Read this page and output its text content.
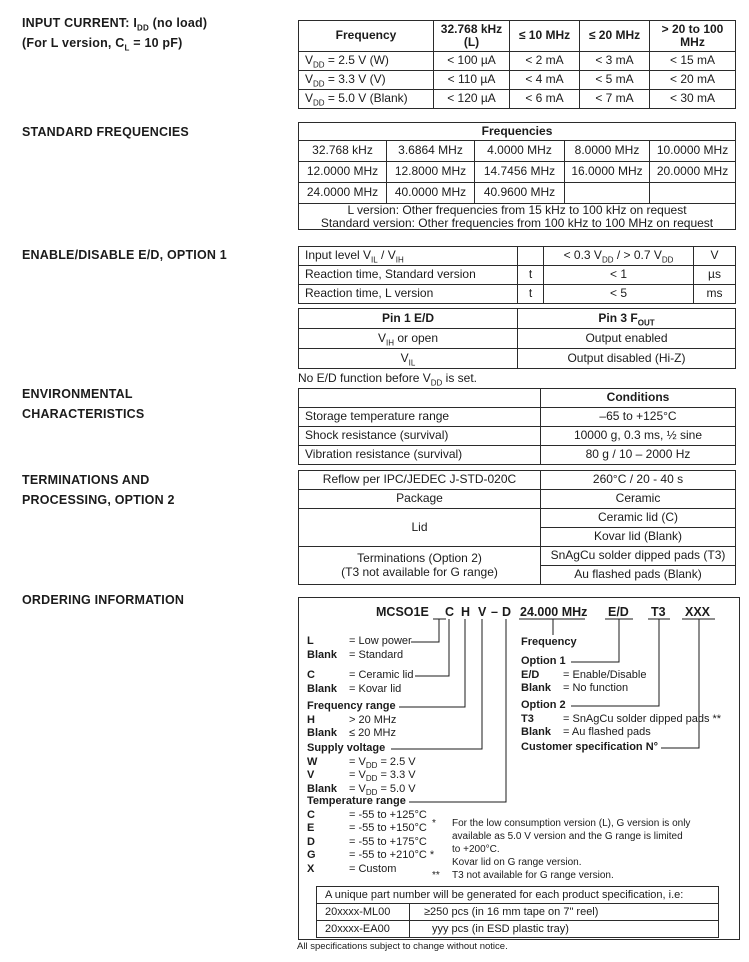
INPUT CURRENT: $I_{DD}$ (no load)
(For L version, $C_L = 10$ pF)
STANDARD FREQUENCIES
ENABLE/DISABLE E/D, OPTION 1
ENVIRONMENTAL
CHARACTERISTICS
TERMINATIONS AND
PROCESSING, OPTION 2
ORDERING INFORMATION
Frequency	32.768 kHz (L)	≤ 10 MHz	≤ 20 MHz	> 20 to 100 MHz
$V_{DD} = 2.5$ V (W)	< 100 µA	< 2 mA	< 3 mA	< 15 mA
$V_{DD} = 3.3$ V (V)	< 110 µA	< 4 mA	< 5 mA	< 20 mA
$V_{DD} = 5.0$ V (Blank)	< 120 µA	< 6 mA	< 7 mA	< 30 mA
Frequencies				
32.768 kHz	3.6864 MHz	4.0000 MHz	8.0000 MHz	10.0000 MHz
12.0000 MHz	12.8000 MHz	14.7456 MHz	16.0000 MHz	20.0000 MHz
24.0000 MHz	40.0000 MHz	40.9600 MHz		

L version: Other frequencies from 15 kHz to 100 kHz on request
Standard version: Other frequencies from 100 kHz to 100 MHz on request				
Input level $V_{IL} / V_{IH}$		< 0.3 $V_{DD}$ / > 0.7 $V_{DD}$	V
Reaction time, Standard version	t	< 1	µs
Reaction time, L version	t	< 5	ms
Pin 1 E/D	Pin 3 $F_{OUT}$
$V_{IH}$ or open	Output enabled
$V_{IL}$	Output disabled (Hi-Z)
No E/D function before $V_{DD}$ is set.
	Conditions
Storage temperature range	–65 to +125°C
Shock resistance (survival)	10000 g, 0.3 ms, ½ sine
Vibration resistance (survival)	80 g / 10 – 2000 Hz
Reflow per IPC/JEDEC J-STD-020C	260°C / 20 - 40 s
Package	Ceramic
Lid	Ceramic lid (C)
	Kovar lid (Blank)

Terminations (Option 2)
(T3 not available for G range)	SnAgCu solder dipped pads (T3)
	Au flashed pads (Blank)
MCSO1E C H V – D 24.000 MHz E/D T3 XXX
L	= Low power
Blank	= Standard
C	= Ceramic lid
Blank	= Kovar lid
Frequency range
H	> 20 MHz
Blank	≤ 20 MHz
Supply voltage
W	= $V_{DD} = 2.5$ V
V	= $V_{DD} = 3.3$ V
Blank	= $V_{DD} = 5.0$ V
Temperature range
C	= -55 to +125°C
E	= -55 to +150°C
D	= -55 to +175°C
G	= -55 to +210°C *
X	= Custom
Frequency
Option 1
E/D	= Enable/Disable
Blank	= No function
Option 2
T3	= SnAgCu solder dipped pads **
Blank	= Au flashed pads
Customer specification N°
*	For the low consumption version (L), G version is only
available as 5.0 V version and the G range is limited
to +200°C.
Kovar lid on G range version.
**	T3 not available for G range version.
A unique part number will be generated for each product specification, i.e:	
20xxxx-ML00	≥250 pcs (in 16 mm tape on 7" reel)
20xxxx-EA00	yyy pcs (in ESD plastic tray)
All specifications subject to change without notice.
